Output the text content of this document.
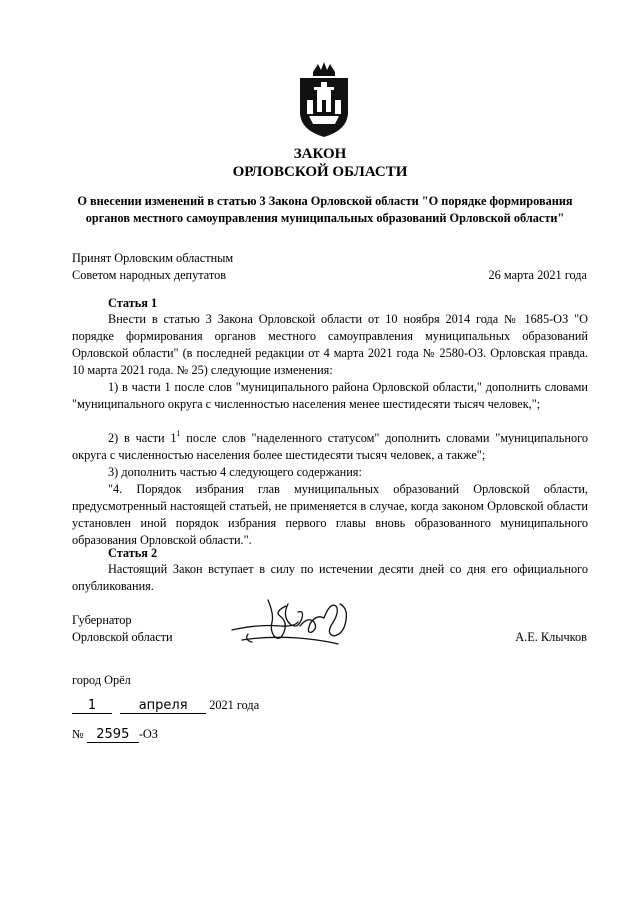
ЗАКОН
ОРЛОВСКОЙ ОБЛАСТИ
О внесении изменений в статью 3 Закона Орловской области "О порядке формирования органов местного самоуправления муниципальных образований Орловской области"
Принят Орловским областным
Советом народных депутатов	26 марта 2021 года
Статья 1
Внести в статью 3 Закона Орловской области от 10 ноября 2014 года № 1685-ОЗ "О порядке формирования органов местного самоуправления муниципальных образований Орловской области" (в последней редакции от 4 марта 2021 года № 2580-ОЗ. Орловская правда. 10 марта 2021 года. № 25) следующие изменения:
1) в части 1 после слов "муниципального района Орловской области," дополнить словами "муниципального округа с численностью населения менее шестидесяти тысяч человек,";
2) в части $1^1$ после слов "наделенного статусом" дополнить словами "муниципального округа с численностью населения более шестидесяти тысяч человек, а также";
3) дополнить частью 4 следующего содержания:
"4. Порядок избрания глав муниципальных образований Орловской области, предусмотренный настоящей статьей, не применяется в случае, когда законом Орловской области установлен иной порядок избрания первого главы вновь образованного муниципального образования Орловской области.".
Статья 2
Настоящий Закон вступает в силу по истечении десяти дней со дня его официального опубликования.
Губернатор
Орловской области	А.Е. Клычков
город Орёл
1	апреля 2021 года
№ 2595 -ОЗ
